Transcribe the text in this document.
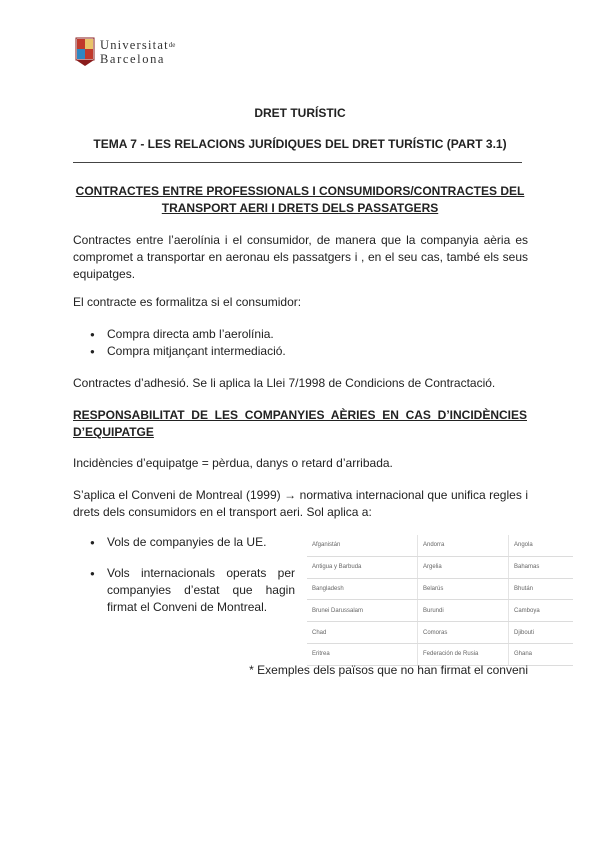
Universitat$^{de}$
Barcelona
DRET TURÍSTIC
TEMA 7 - LES RELACIONS JURÍDIQUES DEL DRET TURÍSTIC (PART 3.1)
CONTRACTES ENTRE PROFESSIONALS I CONSUMIDORS/CONTRACTES DEL
TRANSPORT AERI I DRETS DELS PASSATGERS
Contractes entre l’aerolínia i el consumidor, de manera que la companyia aèria es compromet a transportar en aeronau els passatgers i , en el seu cas, també els seus equipatges.
El contracte es formalitza si el consumidor:
● Compra directa amb l’aerolínia.
● Compra mitjançant intermediació.
Contractes d’adhesió. Se li aplica la Llei 7/1998 de Condicions de Contractació.
RESPONSABILITAT DE LES COMPANYIES AÈRIES EN CAS D’INCIDÈNCIES D’EQUIPATGE
Incidències d’equipatge = pèrdua, danys o retard d’arribada.
S’aplica el Conveni de Montreal (1999) → normativa internacional que unifica regles i drets dels consumidors en el transport aeri. Sol aplica a:
● Vols de companyies de la UE.
● Vols internacionals operats per companyies d’estat que hagin firmat el Conveni de Montreal.
Afganistán	Andorra	Angola
Antigua y Barbuda	Argelia	Bahamas
Bangladesh	Belarús	Bhután
Brunei Darussalam	Burundi	Camboya
Chad	Comoras	Djibouti
Eritrea	Federación de Rusia	Ghana
* Exemples dels països que no han firmat el conveni
